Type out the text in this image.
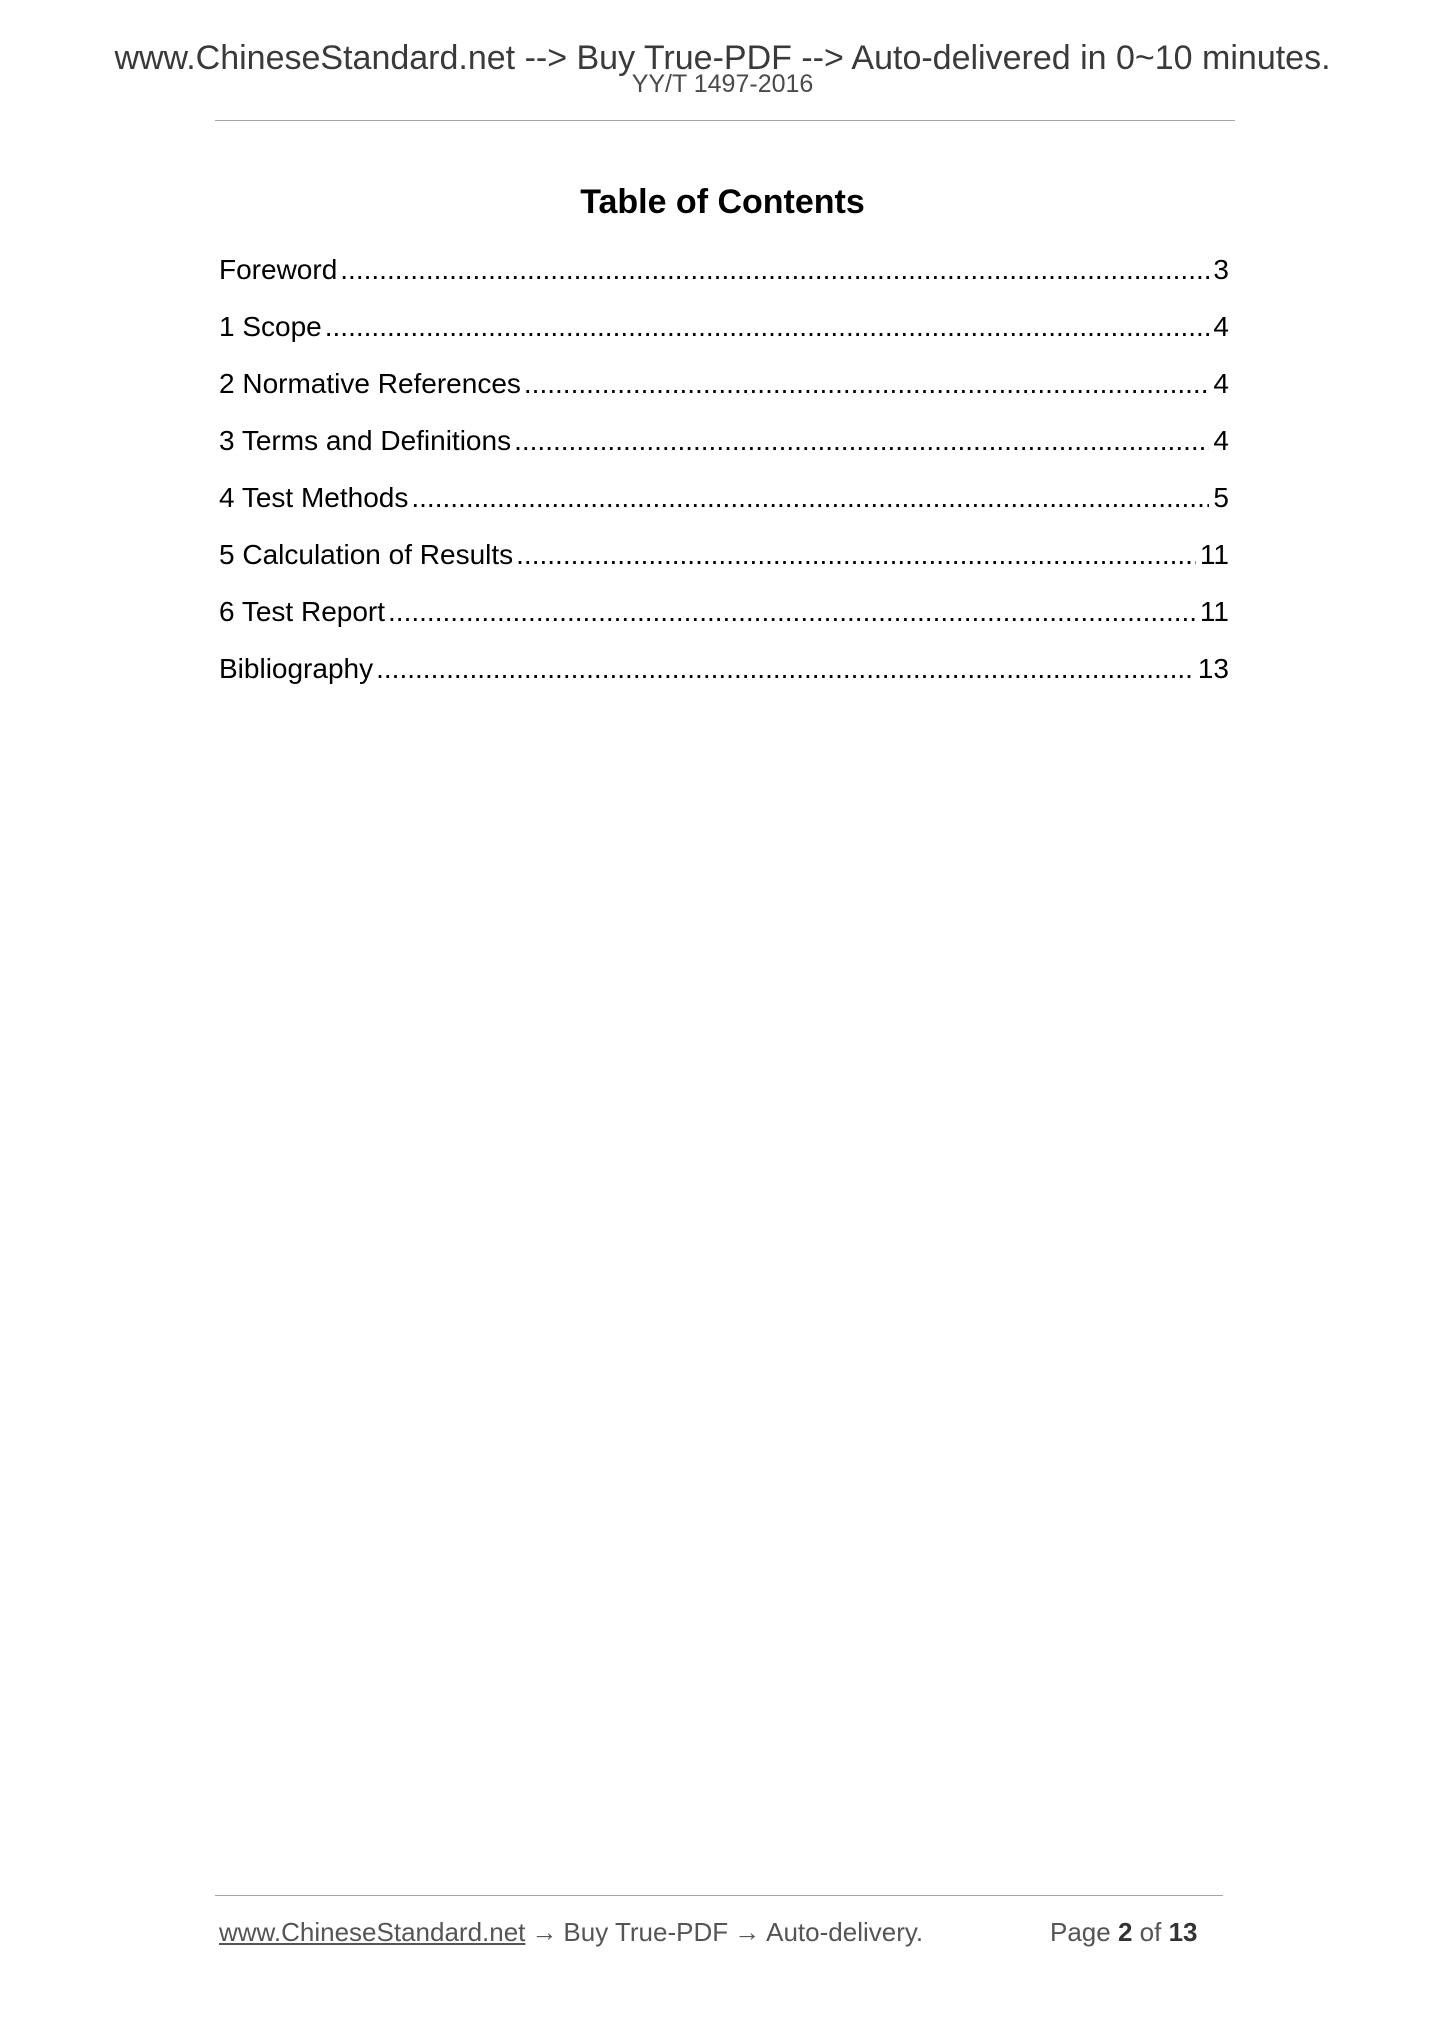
www.ChineseStandard.net --> Buy True-PDF --> Auto-delivered in 0~10 minutes.
YY/T 1497-2016
Table of Contents
Foreword .....	3
1 Scope .....	4
2 Normative References .....	4
3 Terms and Definitions .....	4
4 Test Methods .....	5
5 Calculation of Results .....	11
6 Test Report .....	11
Bibliography .....	13
www.ChineseStandard.net → Buy True-PDF → Auto-delivery.	Page 2 of 13
